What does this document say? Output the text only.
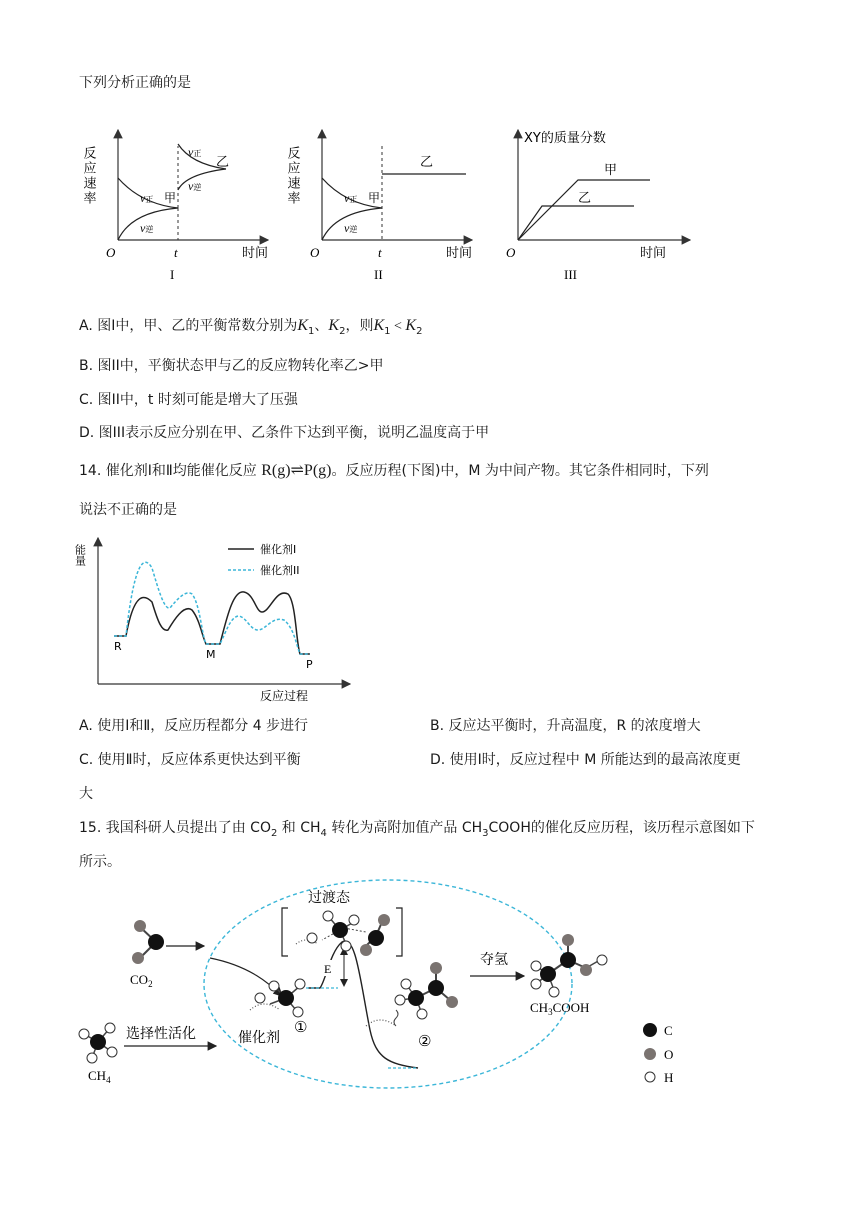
下列分析正确的是
反应速率	v正 甲
v逆
v正
v逆
乙
O	t	时间
I
反应速率	v正 甲
v逆
乙
O	t	时间
II
XY的质量分数
甲
乙
O	时间
III
A. 图I中，甲、乙的平衡常数分别为$K_1$、$K_2$，则$K_1 < K_2$
B. 图II中，平衡状态甲与乙的反应物转化率乙>甲
C. 图II中，t 时刻可能是增大了压强
D. 图III表示反应分别在甲、乙条件下达到平衡，说明乙温度高于甲
14. 催化剂Ⅰ和Ⅱ均能催化反应 R(g)⇌P(g)。反应历程(下图)中，M 为中间产物。其它条件相同时，下列
说法不正确的是
能量
反应过程
催化剂I
催化剂II
R
M
P
A. 使用Ⅰ和Ⅱ，反应历程都分 4 步进行	B. 反应达平衡时，升高温度，R 的浓度增大
C. 使用Ⅱ时，反应体系更快达到平衡	D. 使用Ⅰ时，反应过程中 M 所能达到的最高浓度更
大
15. 我国科研人员提出了由 $CO_2$ 和 $CH_4$ 转化为高附加值产品 $CH_3COOH$的催化反应历程，该历程示意图如下
所示。
$CO_2$
$CH_4$
选择性活化
E
过渡态
催化剂
①
②
夺氢
$CH_3COOH$
C
O
H
